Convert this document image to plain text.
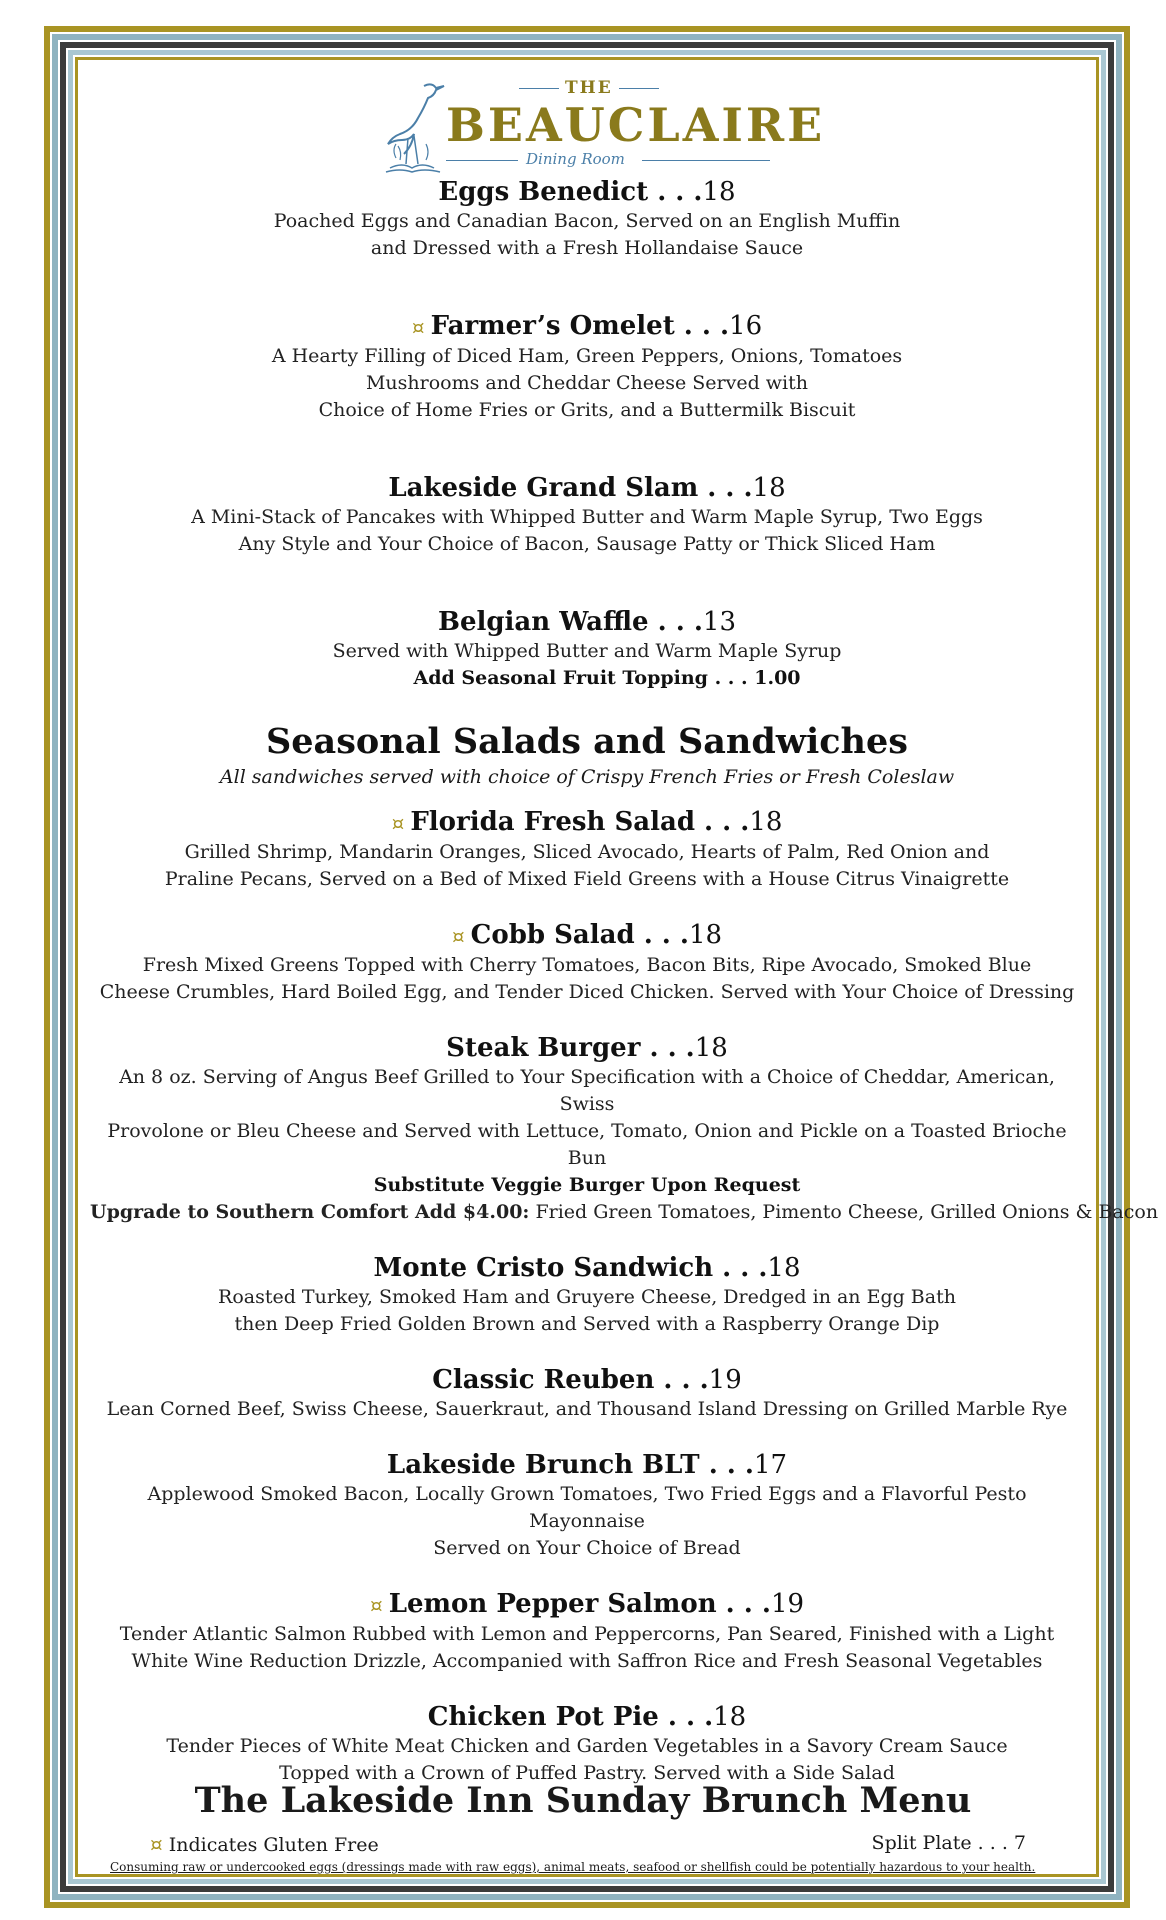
THE
BEAUCLAIRE
Dining Room
Eggs Benedict . . .18
Poached Eggs and Canadian Bacon, Served on an English Muffin
and Dressed with a Fresh Hollandaise Sauce
¤ Farmer’s Omelet . . .16
A Hearty Filling of Diced Ham, Green Peppers, Onions, Tomatoes
Mushrooms and Cheddar Cheese Served with
Choice of Home Fries or Grits, and a Buttermilk Biscuit
Lakeside Grand Slam . . .18
A Mini-Stack of Pancakes with Whipped Butter and Warm Maple Syrup, Two Eggs
Any Style and Your Choice of Bacon, Sausage Patty or Thick Sliced Ham
Belgian Waffle . . .13
Served with Whipped Butter and Warm Maple Syrup
Add Seasonal Fruit Topping . . . 1.00
Seasonal Salads and Sandwiches
All sandwiches served with choice of Crispy French Fries or Fresh Coleslaw
¤ Florida Fresh Salad . . .18
Grilled Shrimp, Mandarin Oranges, Sliced Avocado, Hearts of Palm, Red Onion and
Praline Pecans, Served on a Bed of Mixed Field Greens with a House Citrus Vinaigrette
¤ Cobb Salad . . .18
Fresh Mixed Greens Topped with Cherry Tomatoes, Bacon Bits, Ripe Avocado, Smoked Blue
Cheese Crumbles, Hard Boiled Egg, and Tender Diced Chicken. Served with Your Choice of Dressing
Steak Burger . . .18
An 8 oz. Serving of Angus Beef Grilled to Your Specification with a Choice of Cheddar, American, Swiss
Provolone or Bleu Cheese and Served with Lettuce, Tomato, Onion and Pickle on a Toasted Brioche Bun
Substitute Veggie Burger Upon Request
Upgrade to Southern Comfort Add $4.00: Fried Green Tomatoes, Pimento Cheese, Grilled Onions & Bacon
Monte Cristo Sandwich . . .18
Roasted Turkey, Smoked Ham and Gruyere Cheese, Dredged in an Egg Bath
then Deep Fried Golden Brown and Served with a Raspberry Orange Dip
Classic Reuben . . .19
Lean Corned Beef, Swiss Cheese, Sauerkraut, and Thousand Island Dressing on Grilled Marble Rye
Lakeside Brunch BLT . . .17
Applewood Smoked Bacon, Locally Grown Tomatoes, Two Fried Eggs and a Flavorful Pesto Mayonnaise
Served on Your Choice of Bread
¤ Lemon Pepper Salmon . . .19
Tender Atlantic Salmon Rubbed with Lemon and Peppercorns, Pan Seared, Finished with a Light
White Wine Reduction Drizzle, Accompanied with Saffron Rice and Fresh Seasonal Vegetables
Chicken Pot Pie . . .18
Tender Pieces of White Meat Chicken and Garden Vegetables in a Savory Cream Sauce
Topped with a Crown of Puffed Pastry. Served with a Side Salad
The Lakeside Inn Sunday Brunch Menu
¤ Indicates Gluten Free	Split Plate . . . 7
Consuming raw or undercooked eggs (dressings made with raw eggs), animal meats, seafood or shellfish could be potentially hazardous to your health.
